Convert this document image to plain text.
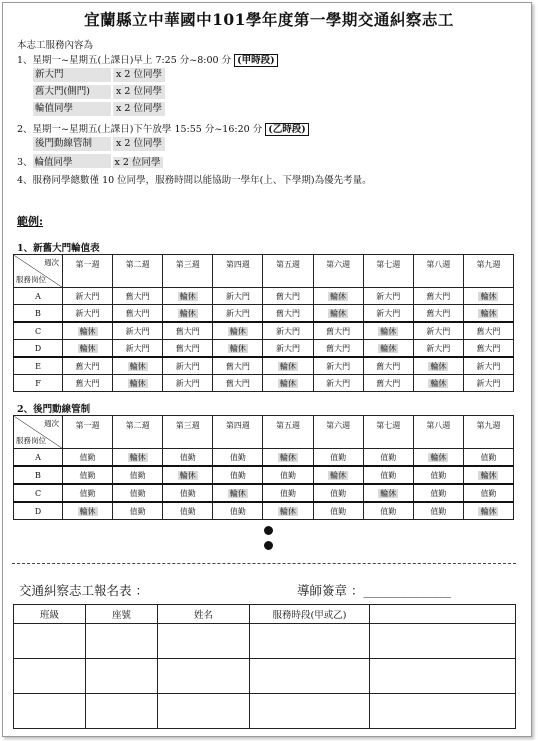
宜蘭縣立中華國中101學年度第一學期交通糾察志工
本志工服務內容為
1、星期一~星期五(上課日)早上 7:25 分~8:00 分 (甲時段)
新大門	x 2 位同學
舊大門(側門)	x 2 位同學
輪值同學	x 2 位同學
2、星期一~星期五(上課日)下午放學 15:55 分~16:20 分 (乙時段)
後門動線管制	x 2 位同學
3、 輪值同學	x 2 位同學
4、服務同學總數僅 10 位同學，服務時間以能協助一學年(上、下學期)為優先考量。
範例:
1、新舊大門輪值表
週次
服務岗位	第一週	第二週	第三週	第四週	第五週	第六週	第七週	第八週	第九週
A	新大門	舊大門	輪休	新大門	舊大門	輪休	新大門	舊大門	輪休
B	新大門	舊大門	輪休	新大門	舊大門	輪休	新大門	舊大門	輪休
C	輪休	新大門	舊大門	輪休	新大門	舊大門	輪休	新大門	舊大門
D	輪休	新大門	舊大門	輪休	新大門	舊大門	輪休	新大門	舊大門
E	舊大門	輪休	新大門	舊大門	輪休	新大門	舊大門	輪休	新大門
F	舊大門	輪休	新大門	舊大門	輪休	新大門	舊大門	輪休	新大門
2、後門動線管制
週次
服務岗位	第一週	第二週	第三週	第四週	第五週	第六週	第七週	第八週	第九週
A	值勤	輪休	值勤	值勤	輪休	值勤	值勤	輪休	值勤
B	值勤	值勤	輪休	值勤	值勤	輪休	值勤	值勤	輪休
C	值勤	值勤	值勤	輪休	值勤	值勤	輪休	值勤	值勤
D	輪休	值勤	值勤	值勤	輪休	值勤	值勤	值勤	輪休
交通糾察志工報名表 ：	導師簽章 ：______________
班級	座號	姓名	服務時段(甲或乙)	
